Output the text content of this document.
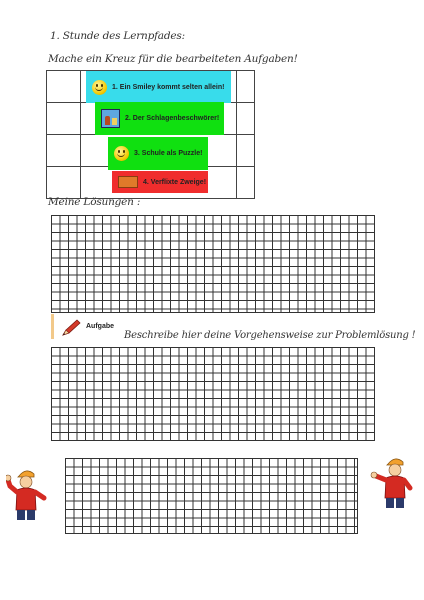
1. Stunde des Lernpfades:
Mache ein Kreuz für die bearbeiteten Aufgaben!

1. Ein Smiley kommt selten allein!
2. Der Schlagenbeschwörer!
3. Schule als Puzzle!
4. Verflixte Zweige!
Meine Lösungen :
Aufgabe
Beschreibe hier deine Vorgehensweise zur Problemlösung !
